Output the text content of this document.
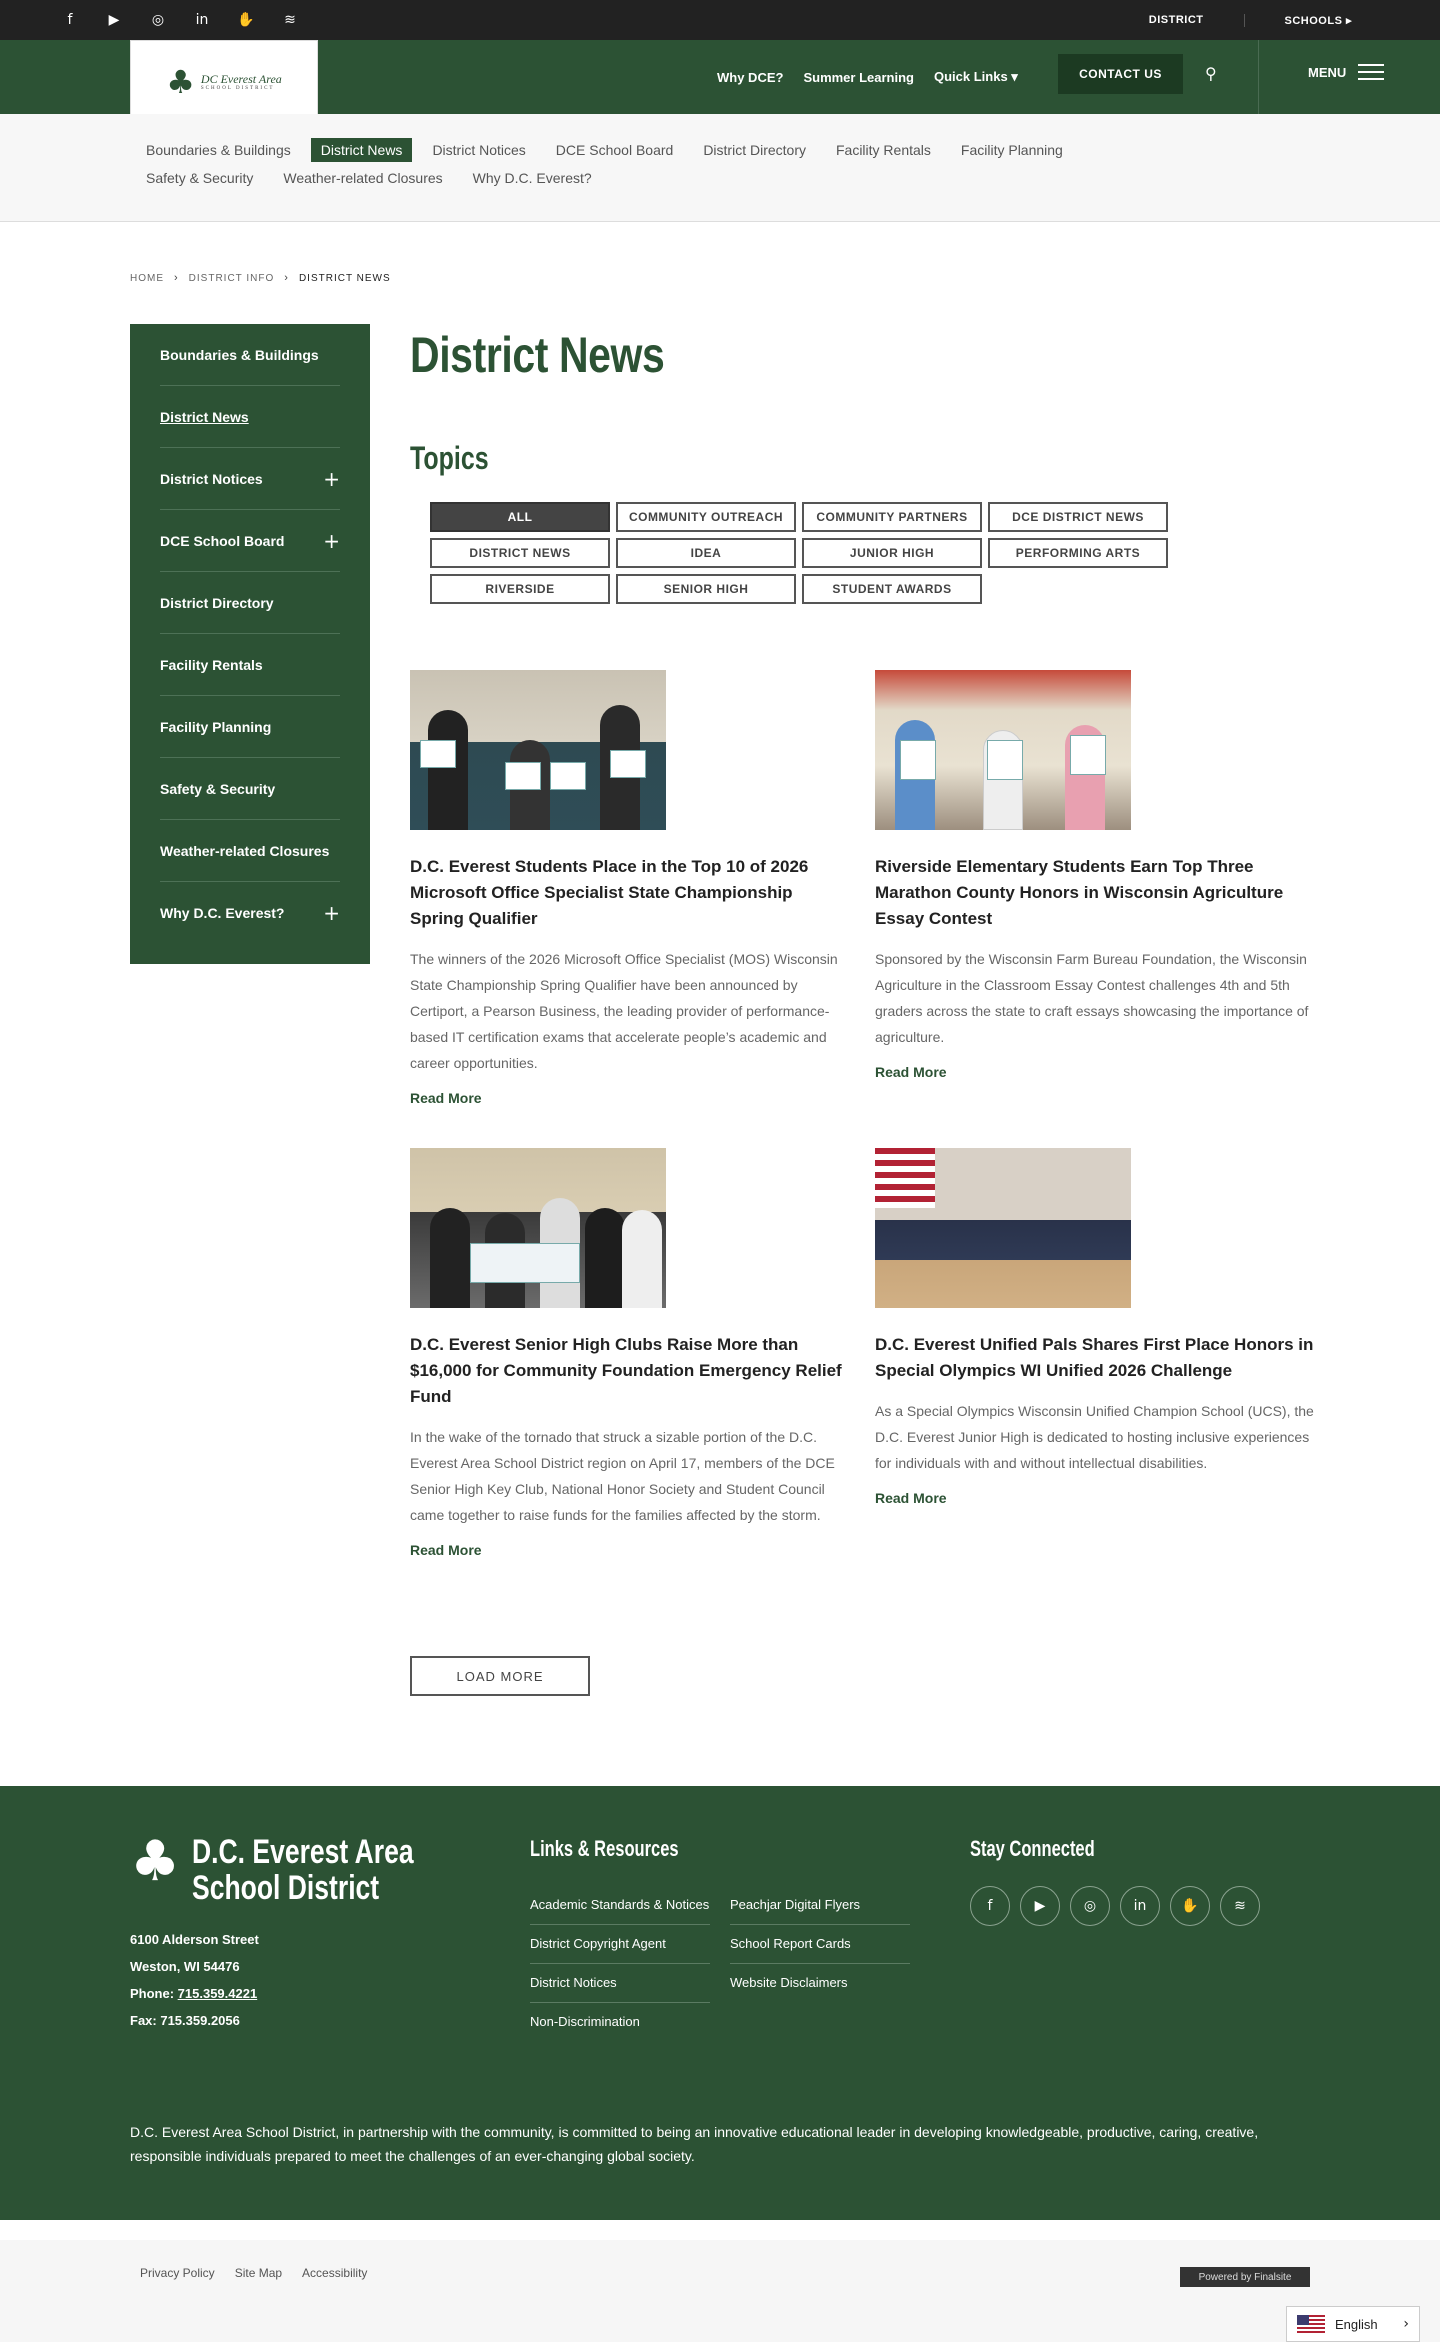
f	▶	◎ in ✋ ≋	DISTRICT	SCHOOLS ▸
♣ DC Everest Area
SCHOOL DISTRICT
Why DCE? Summer Learning Quick Links ▾	CONTACT US	⚲	MENU
Boundaries & Buildings	District News	District Notices	DCE School Board	District Directory	Facility Rentals	Facility Planning
Safety & Security	Weather-related Closures	Why D.C. Everest?
HOME › DISTRICT INFO › DISTRICT NEWS
Boundaries & Buildings
District News
District Notices	+
DCE School Board +
District Directory
Facility Rentals
Facility Planning
Safety & Security
Weather-related Closures
Why D.C. Everest? +
District News
Topics
ALL	COMMUNITY OUTREACH	COMMUNITY PARTNERS	DCE DISTRICT NEWS
DISTRICT NEWS	IDEA	JUNIOR HIGH	PERFORMING ARTS
RIVERSIDE	SENIOR HIGH	STUDENT AWARDS
D.C. Everest Students Place in the Top 10 of 2026 Microsoft Office Specialist State Championship Spring Qualifier
The winners of the 2026 Microsoft Office Specialist (MOS) Wisconsin State Championship Spring Qualifier have been announced by Certiport, a Pearson Business, the leading provider of performance-based IT certification exams that accelerate people’s academic and career opportunities.
Read More
Riverside Elementary Students Earn Top Three Marathon County Honors in Wisconsin Agriculture Essay Contest
Sponsored by the Wisconsin Farm Bureau Foundation, the Wisconsin Agriculture in the Classroom Essay Contest challenges 4th and 5th graders across the state to craft essays showcasing the importance of agriculture.
Read More
D.C. Everest Senior High Clubs Raise More than $16,000 for Community Foundation Emergency Relief Fund
In the wake of the tornado that struck a sizable portion of the D.C. Everest Area School District region on April 17, members of the DCE Senior High Key Club, National Honor Society and Student Council came together to raise funds for the families affected by the storm.
Read More
D.C. Everest Unified Pals Shares First Place Honors in Special Olympics WI Unified 2026 Challenge
As a Special Olympics Wisconsin Unified Champion School (UCS), the D.C. Everest Junior High is dedicated to hosting inclusive experiences for individuals with and without intellectual disabilities.
Read More
LOAD MORE
♣ D.C. Everest Area School District
6100 Alderson Street
Weston, WI 54476
Phone: 715.359.4221
Fax: 715.359.2056
Links & Resources
Academic Standards & Notices
District Copyright Agent
District Notices
Non-Discrimination
Peachjar Digital Flyers
School Report Cards
Website Disclaimers
Stay Connected
f	▶	◎	in	✋	≋
D.C. Everest Area School District, in partnership with the community, is committed to being an innovative educational leader in developing knowledgeable, productive, caring, creative, responsible individuals prepared to meet the challenges of an ever-changing global society.
Privacy Policy Site Map Accessibility	Powered by Finalsite
English ›
